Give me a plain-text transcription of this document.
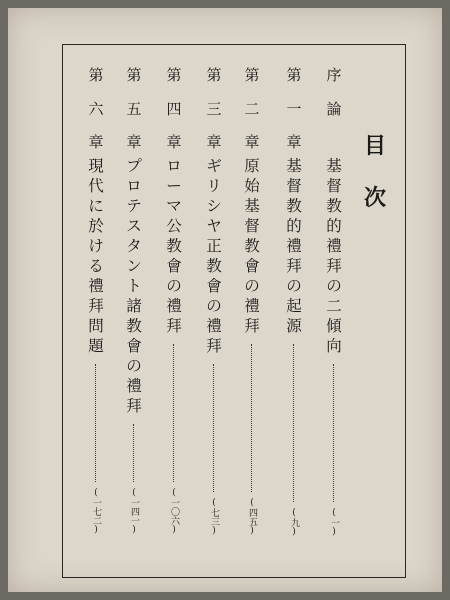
目
次
序
論
基
督
教
的
禮
拜
の
二
傾
向
(一)
第
一
章
基
督
教
的
禮
拜
の
起
源
(九)
第
二
章
原
始
基
督
教
會
の
禮
拜
(四五)
第
三
章
ギ
リ
シ
ヤ
正
教
會
の
禮
拜
(七三)
第
四
章
ロ
ー
マ
公
教
會
の
禮
拜
(一〇六)
第
五
章
プ
ロ
テ
ス
タ
ン
ト
諸
教
會
の
禮
拜
(一四一)
第
六
章
現
代
に
於
け
る
禮
拜
問
題
(一七二)
